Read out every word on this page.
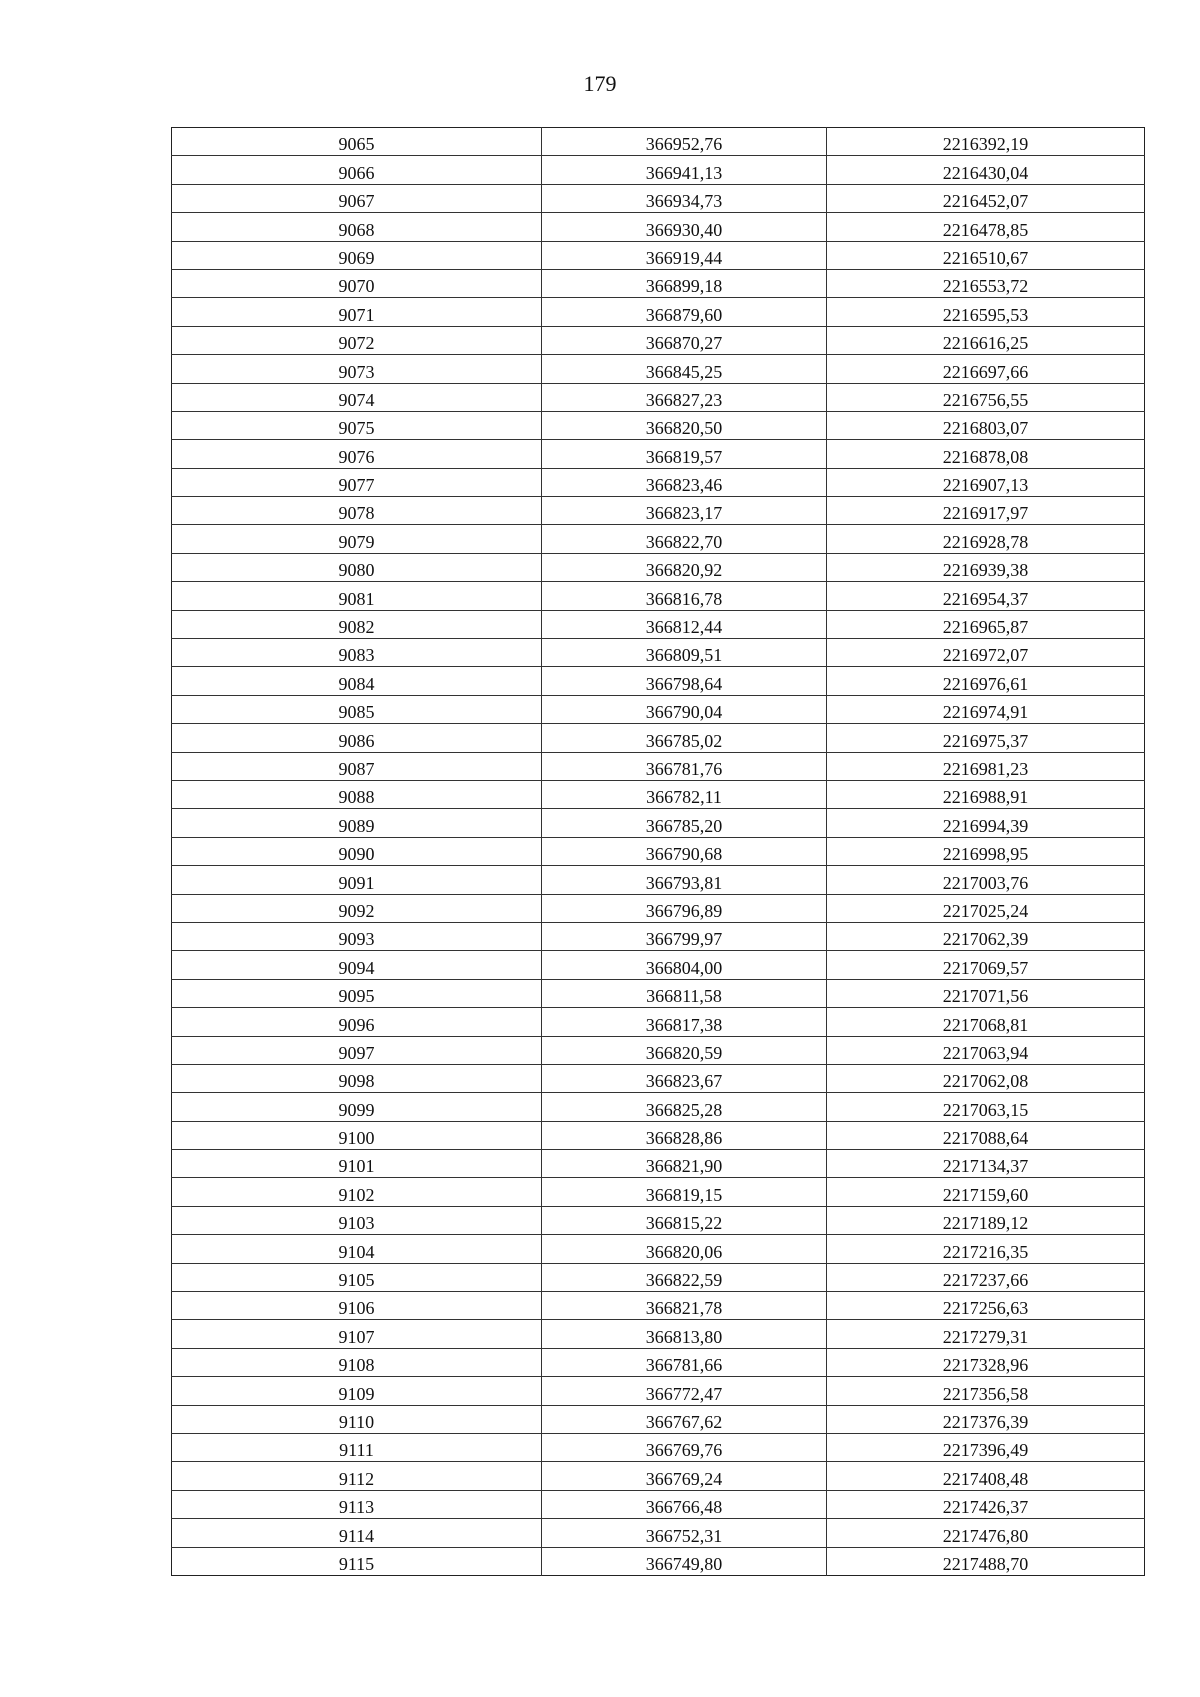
179
9065	366952,76	2216392,19
9066	366941,13	2216430,04
9067	366934,73	2216452,07
9068	366930,40	2216478,85
9069	366919,44	2216510,67
9070	366899,18	2216553,72
9071	366879,60	2216595,53
9072	366870,27	2216616,25
9073	366845,25	2216697,66
9074	366827,23	2216756,55
9075	366820,50	2216803,07
9076	366819,57	2216878,08
9077	366823,46	2216907,13
9078	366823,17	2216917,97
9079	366822,70	2216928,78
9080	366820,92	2216939,38
9081	366816,78	2216954,37
9082	366812,44	2216965,87
9083	366809,51	2216972,07
9084	366798,64	2216976,61
9085	366790,04	2216974,91
9086	366785,02	2216975,37
9087	366781,76	2216981,23
9088	366782,11	2216988,91
9089	366785,20	2216994,39
9090	366790,68	2216998,95
9091	366793,81	2217003,76
9092	366796,89	2217025,24
9093	366799,97	2217062,39
9094	366804,00	2217069,57
9095	366811,58	2217071,56
9096	366817,38	2217068,81
9097	366820,59	2217063,94
9098	366823,67	2217062,08
9099	366825,28	2217063,15
9100	366828,86	2217088,64
9101	366821,90	2217134,37
9102	366819,15	2217159,60
9103	366815,22	2217189,12
9104	366820,06	2217216,35
9105	366822,59	2217237,66
9106	366821,78	2217256,63
9107	366813,80	2217279,31
9108	366781,66	2217328,96
9109	366772,47	2217356,58
9110	366767,62	2217376,39
9111	366769,76	2217396,49
9112	366769,24	2217408,48
9113	366766,48	2217426,37
9114	366752,31	2217476,80
9115	366749,80	2217488,70
